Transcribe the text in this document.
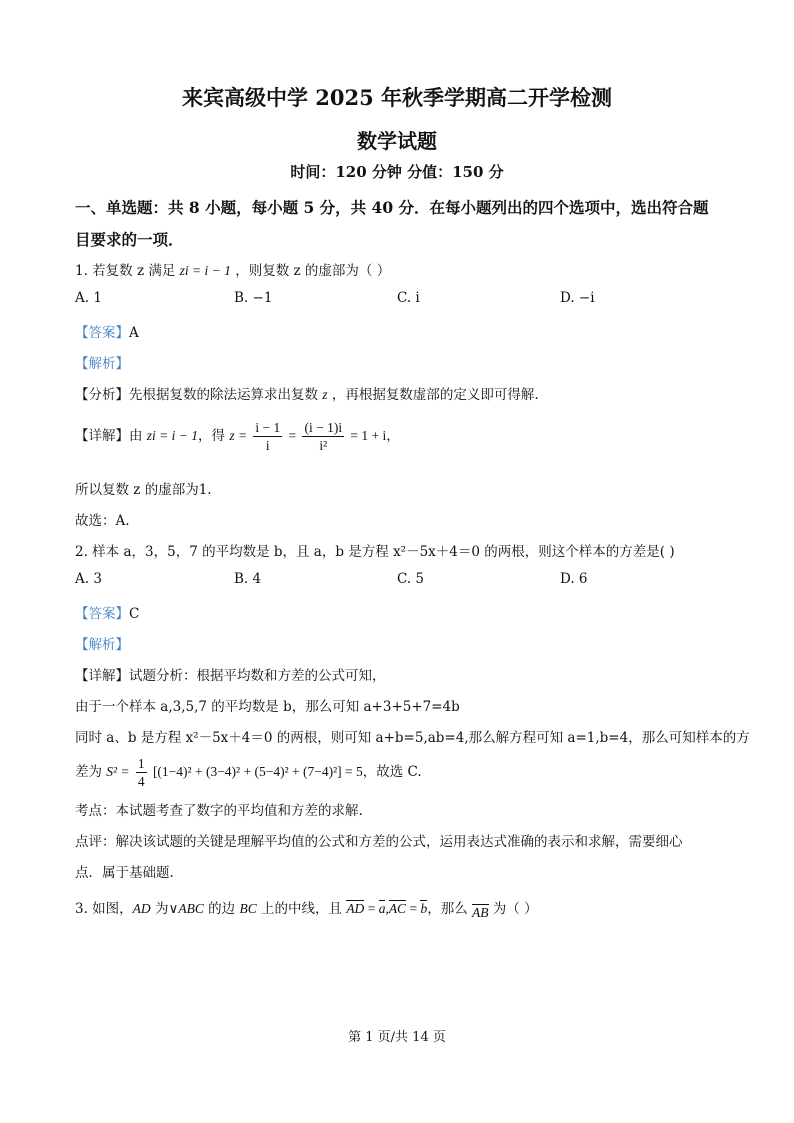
来宾高级中学 2025 年秋季学期高二开学检测
数学试题
时间：120 分钟 分值：150 分
一、单选题：共 8 小题，每小题 5 分，共 40 分．在每小题列出的四个选项中，选出符合题
目要求的一项．
1. 若复数 z 满足 zi = i − 1 ，则复数 z 的虚部为（ ）
A. 1	B. −1	C. i	D. −i
【答案】A
【解析】
【分析】先根据复数的除法运算求出复数 z ，再根据复数虚部的定义即可得解.
【详解】由 zi = i − 1，得 $z = \frac{i - 1}{i} = \frac{(i - 1)i}{\text{i²}} = 1 + i$，
所以复数 z 的虚部为1.
故选：A.
2. 样本 a，3，5，7 的平均数是 b，且 a，b 是方程 x²－5x＋4＝0 的两根，则这个样本的方差是( )
A. 3	B. 4	C. 5	D. 6
【答案】C
【解析】
【详解】试题分析：根据平均数和方差的公式可知，
由于一个样本 a,3,5,7 的平均数是 b，那么可知 a+3+5+7=4b
同时 a、b 是方程 x²－5x＋4＝0 的两根，则可知 a+b=5,ab=4,那么解方程可知 a=1,b=4，那么可知样本的方
差为 $S^2 = \frac{1}{4} [(1-4)^2 + (3-4)^2 + (5-4)^2 + (7-4)^2] = 5$，故选 C.
考点：本试题考查了数字的平均值和方差的求解.
点评：解决该试题的关键是理解平均值的公式和方差的公式，运用表达式准确的表示和求解，需要细心
点．属于基础题.
3. 如图，AD 为∨ABC 的边 BC 上的中线，且 AD = a,AC = b，那么 AB 为（ ）
第 1 页/共 14 页
